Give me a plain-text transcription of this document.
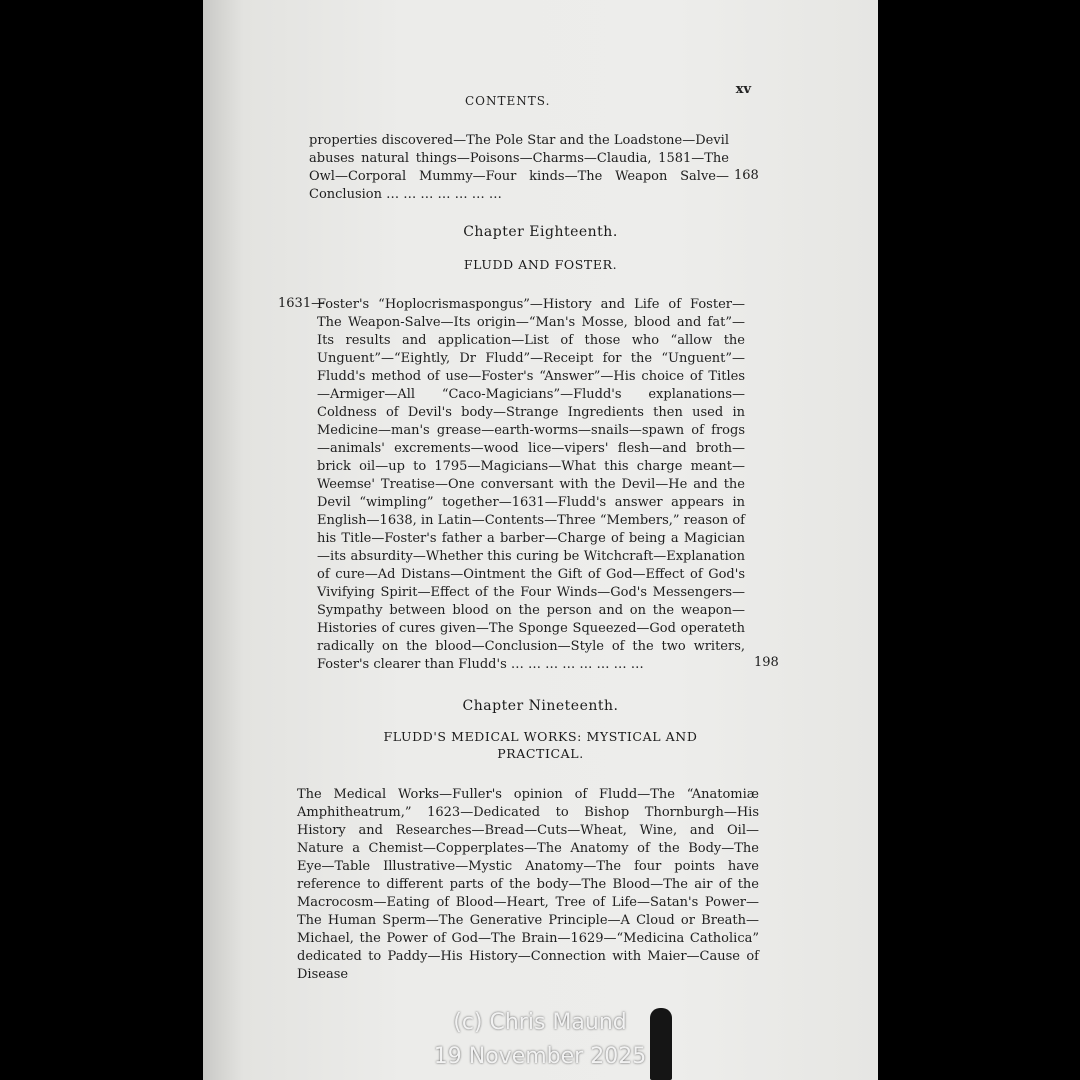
CONTENTS.
xv

properties discovered—The Pole Star and the Loadstone—Devil abuses natural things—Poisons—Charms—Claudia, 1581—The Owl—Corporal Mummy—Four kinds—The Weapon Salve—Conclusion … … … … … … …

168
Chapter Eighteenth.
FLUDD AND FOSTER.
1631—

Foster's “Hoplocrismaspongus”—History and Life of Foster—The Weapon-Salve—Its origin—“Man's Mosse, blood and fat”—Its results and application—List of those who “allow the Unguent”—“Eightly, Dr Fludd”—Receipt for the “Unguent”—Fludd's method of use—Foster's “Answer”—His choice of Titles—Armiger—All “Caco-Magicians”—Fludd's explanations—Coldness of Devil's body—Strange Ingredients then used in Medicine—man's grease—earth-worms—snails—spawn of frogs—animals' excrements—wood lice—vipers' flesh—and broth—brick oil—up to 1795—Magicians—What this charge meant—Weemse' Treatise—One conversant with the Devil—He and the Devil “wimpling” together—1631—Fludd's answer appears in English—1638, in Latin—Contents—Three “Members,” reason of his Title—Foster's father a barber—Charge of being a Magician—its absurdity—Whether this curing be Witchcraft—Explanation of cure—Ad Distans—Ointment the Gift of God—Effect of God's Vivifying Spirit—Effect of the Four Winds—God's Messengers—Sympathy between blood on the person and on the weapon—Histories of cures given—The Sponge Squeezed—God operateth radically on the blood—Conclusion—Style of the two writers, Foster's clearer than Fludd's … … … … … … … …	198
Chapter Nineteenth.
FLUDD'S MEDICAL WORKS: MYSTICAL AND
PRACTICAL.

The Medical Works—Fuller's opinion of Fludd—The “Anatomiæ Amphitheatrum,” 1623—Dedicated to Bishop Thornburgh—His History and Researches—Bread—Cuts—Wheat, Wine, and Oil—Nature a Chemist—Copperplates—The Anatomy of the Body—The Eye—Table Illustrative—Mystic Anatomy—The four points have reference to different parts of the body—The Blood—The air of the Macrocosm—Eating of Blood—Heart, Tree of Life—Satan's Power—The Human Sperm—The Generative Principle—A Cloud or Breath—Michael, the Power of God—The Brain—1629—“Medicina Catholica” dedicated to Paddy—His History—Connection with Maier—Cause of Disease

(c) Chris Maund
19 November 2025
